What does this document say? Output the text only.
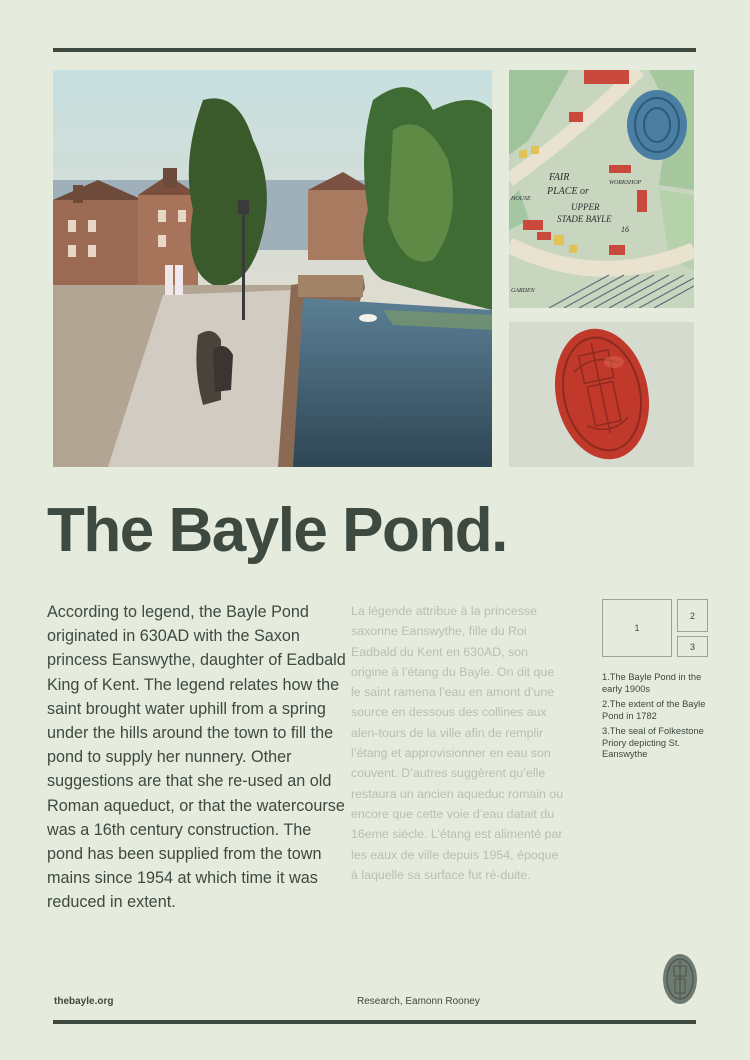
FAIR
PLACE or
UPPER
STADE BAYLE
16
WORKSHOP
GARDEN
HOUSE
The Bayle Pond.

According to legend, the Bayle Pond originated in 630AD with the Saxon princess Eanswythe, daughter of Eadbald King of Kent. The legend relates how the saint brought water uphill from a spring under the hills around the town to fill the pond to supply her nunnery. Other suggestions are that she re-used an old Roman aqueduct, or that the watercourse was a 16th century construction. The pond has been supplied from the town mains since 1954 at which time it was reduced in extent.

La légende attribue à la princesse saxonne Eanswythe, fille du Roi Eadbald du Kent en 630AD, son origine à l’étang du Bayle. On dit que le saint ramena l’eau en amont d’une source en dessous des collines aux alen-tours de la ville afin de remplir l’étang et approvisionner en eau son couvent. D’autres suggèrent qu’elle restaura un ancien aqueduc romain ou encore que cette voie d’eau datait du 16eme siécle. L’étang est alimenté par les eaux de ville depuis 1954, époque à laquelle sa surface fut ré-duite.

1
2
3

1.The Bayle Pond in the early 1900s

2.The extent of the Bayle Pond in 1782

3.The seal of Folkestone Priory depicting St. Eanswythe

thebayle.org	Research, Eamonn Rooney
